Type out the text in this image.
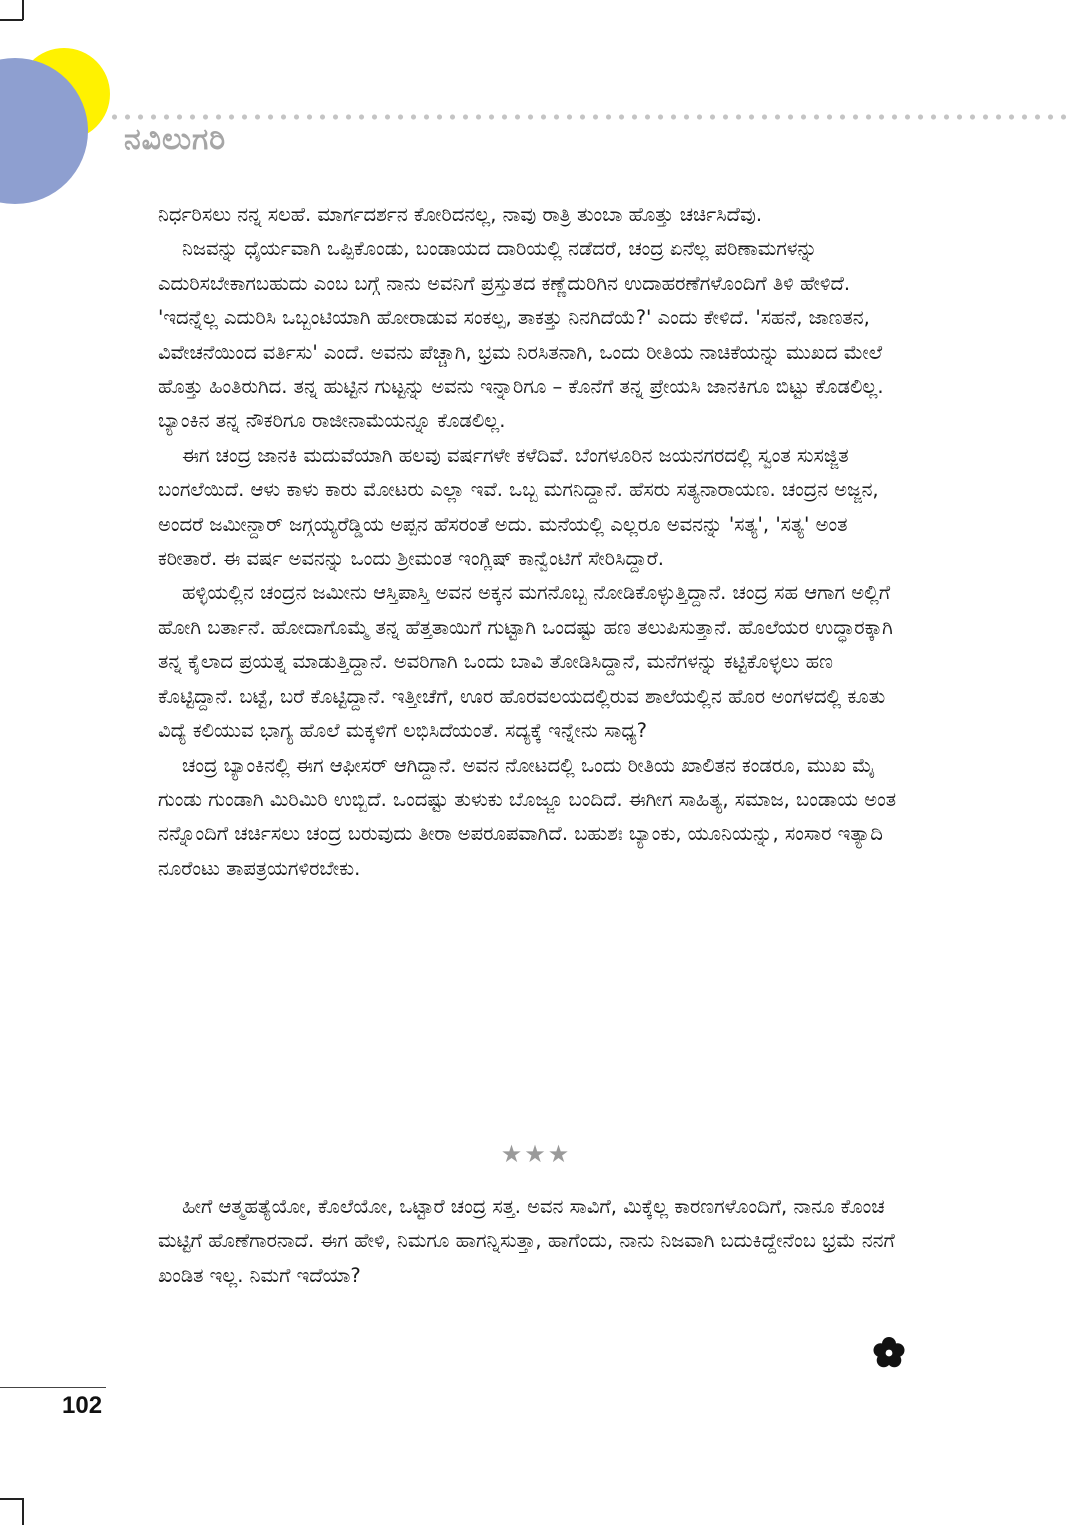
ನವಿಲುಗರಿ

ನಿರ್ಧರಿಸಲು ನನ್ನ ಸಲಹೆ. ಮಾರ್ಗದರ್ಶನ ಕೋರಿದನಲ್ಲ, ನಾವು ರಾತ್ರಿ ತುಂಬಾ ಹೊತ್ತು ಚರ್ಚಿಸಿದೆವು.

ನಿಜವನ್ನು ಧೈರ್ಯವಾಗಿ ಒಪ್ಪಿಕೊಂಡು, ಬಂಡಾಯದ ದಾರಿಯಲ್ಲಿ ನಡೆದರೆ, ಚಂದ್ರ ಏನೆಲ್ಲ ಪರಿಣಾಮಗಳನ್ನು ಎದುರಿಸಬೇಕಾಗಬಹುದು ಎಂಬ ಬಗ್ಗೆ ನಾನು ಅವನಿಗೆ ಪ್ರಸ್ತುತದ ಕಣ್ಣೆದುರಿಗಿನ ಉದಾಹರಣೆಗಳೊಂದಿಗೆ ತಿಳಿ ಹೇಳಿದೆ. 'ಇದನ್ನೆಲ್ಲ ಎದುರಿಸಿ ಒಬ್ಬಂಟಿಯಾಗಿ ಹೋರಾಡುವ ಸಂಕಲ್ಪ, ತಾಕತ್ತು ನಿನಗಿದೆಯೆ?' ಎಂದು ಕೇಳಿದೆ. 'ಸಹನೆ, ಜಾಣತನ, ವಿವೇಚನೆಯಿಂದ ವರ್ತಿಸು' ಎಂದೆ. ಅವನು ಪೆಚ್ಚಾಗಿ, ಭ್ರಮ ನಿರಸಿತನಾಗಿ, ಒಂದು ರೀತಿಯ ನಾಚಿಕೆಯನ್ನು ಮುಖದ ಮೇಲೆ ಹೊತ್ತು ಹಿಂತಿರುಗಿದ. ತನ್ನ ಹುಟ್ಟಿನ ಗುಟ್ಟನ್ನು ಅವನು ಇನ್ನಾರಿಗೂ – ಕೊನೆಗೆ ತನ್ನ ಪ್ರೇಯಸಿ ಜಾನಕಿಗೂ ಬಿಟ್ಟು ಕೊಡಲಿಲ್ಲ. ಬ್ಯಾಂಕಿನ ತನ್ನ ನೌಕರಿಗೂ ರಾಜೀನಾಮೆಯನ್ನೂ ಕೊಡಲಿಲ್ಲ.

ಈಗ ಚಂದ್ರ ಜಾನಕಿ ಮದುವೆಯಾಗಿ ಹಲವು ವರ್ಷಗಳೇ ಕಳೆದಿವೆ. ಬೆಂಗಳೂರಿನ ಜಯನಗರದಲ್ಲಿ ಸ್ವಂತ ಸುಸಜ್ಜಿತ ಬಂಗಲೆಯಿದೆ. ಆಳು ಕಾಳು ಕಾರು ಮೋಟರು ಎಲ್ಲಾ ಇವೆ. ಒಬ್ಬ ಮಗನಿದ್ದಾನೆ. ಹೆಸರು ಸತ್ಯನಾರಾಯಣ. ಚಂದ್ರನ ಅಜ್ಜನ, ಅಂದರೆ ಜಮೀನ್ದಾರ್ ಜಗ್ಗಯ್ಯರೆಡ್ಡಿಯ ಅಪ್ಪನ ಹೆಸರಂತೆ ಅದು. ಮನೆಯಲ್ಲಿ ಎಲ್ಲರೂ ಅವನನ್ನು 'ಸತ್ಯ', 'ಸತ್ಯ' ಅಂತ ಕರೀತಾರೆ. ಈ ವರ್ಷ ಅವನನ್ನು ಒಂದು ಶ್ರೀಮಂತ ಇಂಗ್ಲಿಷ್ ಕಾನ್ವೆಂಟಿಗೆ ಸೇರಿಸಿದ್ದಾರೆ.

ಹಳ್ಳಿಯಲ್ಲಿನ ಚಂದ್ರನ ಜಮೀನು ಆಸ್ತಿಪಾಸ್ತಿ ಅವನ ಅಕ್ಕನ ಮಗನೊಬ್ಬ ನೋಡಿಕೊಳ್ಳುತ್ತಿದ್ದಾನೆ. ಚಂದ್ರ ಸಹ ಆಗಾಗ ಅಲ್ಲಿಗೆ ಹೋಗಿ ಬರ್ತಾನೆ. ಹೋದಾಗೊಮ್ಮೆ ತನ್ನ ಹೆತ್ತತಾಯಿಗೆ ಗುಟ್ಟಾಗಿ ಒಂದಷ್ಟು ಹಣ ತಲುಪಿಸುತ್ತಾನೆ. ಹೊಲೆಯರ ಉದ್ಧಾರಕ್ಕಾಗಿ ತನ್ನ ಕೈಲಾದ ಪ್ರಯತ್ನ ಮಾಡುತ್ತಿದ್ದಾನೆ. ಅವರಿಗಾಗಿ ಒಂದು ಬಾವಿ ತೋಡಿಸಿದ್ದಾನೆ, ಮನೆಗಳನ್ನು ಕಟ್ಟಿಕೊಳ್ಳಲು ಹಣ ಕೊಟ್ಟಿದ್ದಾನೆ. ಬಟ್ಟೆ, ಬರೆ ಕೊಟ್ಟಿದ್ದಾನೆ. ಇತ್ತೀಚೆಗೆ, ಊರ ಹೊರವಲಯದಲ್ಲಿರುವ ಶಾಲೆಯಲ್ಲಿನ ಹೊರ ಅಂಗಳದಲ್ಲಿ ಕೂತು ವಿದ್ಯೆ ಕಲಿಯುವ ಭಾಗ್ಯ ಹೊಲೆ ಮಕ್ಕಳಿಗೆ ಲಭಿಸಿದೆಯಂತೆ. ಸದ್ಯಕ್ಕೆ ಇನ್ನೇನು ಸಾಧ್ಯ?

ಚಂದ್ರ ಬ್ಯಾಂಕಿನಲ್ಲಿ ಈಗ ಆಫೀಸರ್ ಆಗಿದ್ದಾನೆ. ಅವನ ನೋಟದಲ್ಲಿ ಒಂದು ರೀತಿಯ ಖಾಲಿತನ ಕಂಡರೂ, ಮುಖ ಮೈ ಗುಂಡು ಗುಂಡಾಗಿ ಮಿರಿಮಿರಿ ಉಬ್ಬಿದೆ. ಒಂದಷ್ಟು ತುಳುಕು ಬೊಜ್ಜೂ ಬಂದಿದೆ. ಈಗೀಗ ಸಾಹಿತ್ಯ, ಸಮಾಜ, ಬಂಡಾಯ ಅಂತ ನನ್ನೊಂದಿಗೆ ಚರ್ಚಿಸಲು ಚಂದ್ರ ಬರುವುದು ತೀರಾ ಅಪರೂಪವಾಗಿದೆ. ಬಹುಶಃ ಬ್ಯಾಂಕು, ಯೂನಿಯನ್ನು, ಸಂಸಾರ ಇತ್ಯಾದಿ ನೂರೆಂಟು ತಾಪತ್ರಯಗಳಿರಬೇಕು.

★★★

ಹೀಗೆ ಆತ್ಮಹತ್ಯೆಯೋ, ಕೊಲೆಯೋ, ಒಟ್ಟಾರೆ ಚಂದ್ರ ಸತ್ತ. ಅವನ ಸಾವಿಗೆ, ಮಿಕ್ಕೆಲ್ಲ ಕಾರಣಗಳೊಂದಿಗೆ, ನಾನೂ ಕೊಂಚ ಮಟ್ಟಿಗೆ ಹೊಣೆಗಾರನಾದೆ. ಈಗ ಹೇಳಿ, ನಿಮಗೂ ಹಾಗನ್ನಿಸುತ್ತಾ, ಹಾಗೆಂದು, ನಾನು ನಿಜವಾಗಿ ಬದುಕಿದ್ದೇನೆಂಬ ಭ್ರಮೆ ನನಗೆ ಖಂಡಿತ ಇಲ್ಲ. ನಿಮಗೆ ಇದೆಯಾ?

102
